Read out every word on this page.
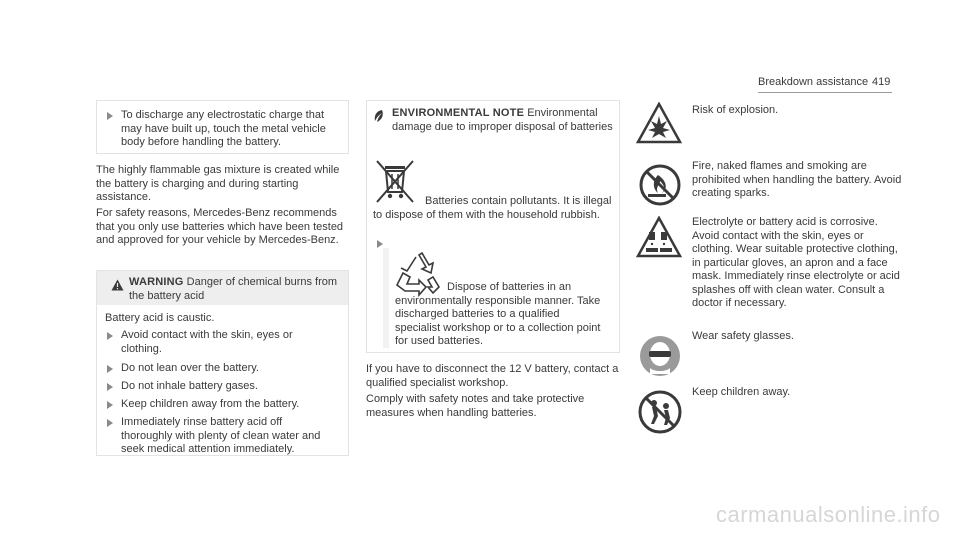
Breakdown assistance 419
To discharge any electrostatic charge that may have built up, touch the metal vehicle body before handling the battery.
The highly flammable gas mixture is created while the battery is charging and during starting assistance.
For safety reasons, Mercedes-Benz recommends that you only use batteries which have been tested and approved for your vehicle by Mercedes-Benz.
WARNING Danger of chemical burns from the battery acid
Battery acid is caustic.
Avoid contact with the skin, eyes or clothing.
Do not lean over the battery.
Do not inhale battery gases.
Keep children away from the battery.
Immediately rinse battery acid off thoroughly with plenty of clean water and seek medical attention immediately.
ENVIRONMENTAL NOTE Environmental damage due to improper disposal of batteries
Batteries contain pollutants. It is illegal to dispose of them with the household rubbish.
Dispose of batteries in an environmentally responsible manner. Take discharged batteries to a qualified specialist workshop or to a collection point for used batteries.
If you have to disconnect the 12 V battery, contact a qualified specialist workshop.
Comply with safety notes and take protective measures when handling batteries.
Risk of explosion.
Fire, naked flames and smoking are prohibited when handling the battery. Avoid creating sparks.
Electrolyte or battery acid is corrosive. Avoid contact with the skin, eyes or clothing. Wear suitable protective clothing, in particular gloves, an apron and a face mask. Immediately rinse electrolyte or acid splashes off with clean water. Consult a doctor if necessary.
Wear safety glasses.
Keep children away.
carmanualsonline.info
